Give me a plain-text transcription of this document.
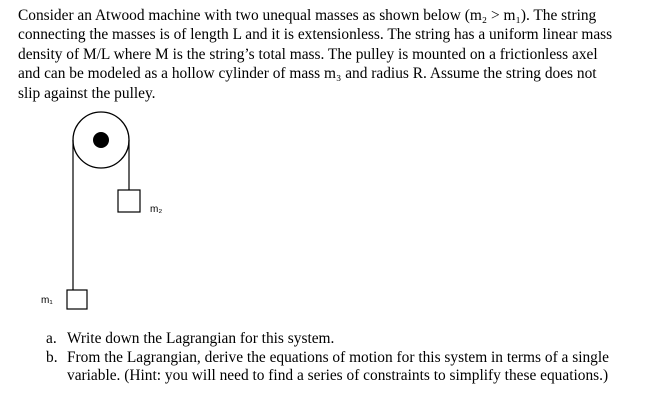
Consider an Atwood machine with two unequal masses as shown below (m₂ > m₁). The string
connecting the masses is of length L and it is extensionless. The string has a uniform linear mass
density of M/L where M is the string’s total mass. The pulley is mounted on a frictionless axel
and can be modeled as a hollow cylinder of mass m₃ and radius R. Assume the string does not
slip against the pulley.

m₂
m₁
a. Write down the Lagrangian for this system.
b. From the Lagrangian, derive the equations of motion for this system in terms of a single
variable. (Hint: you will need to find a series of constraints to simplify these equations.)
